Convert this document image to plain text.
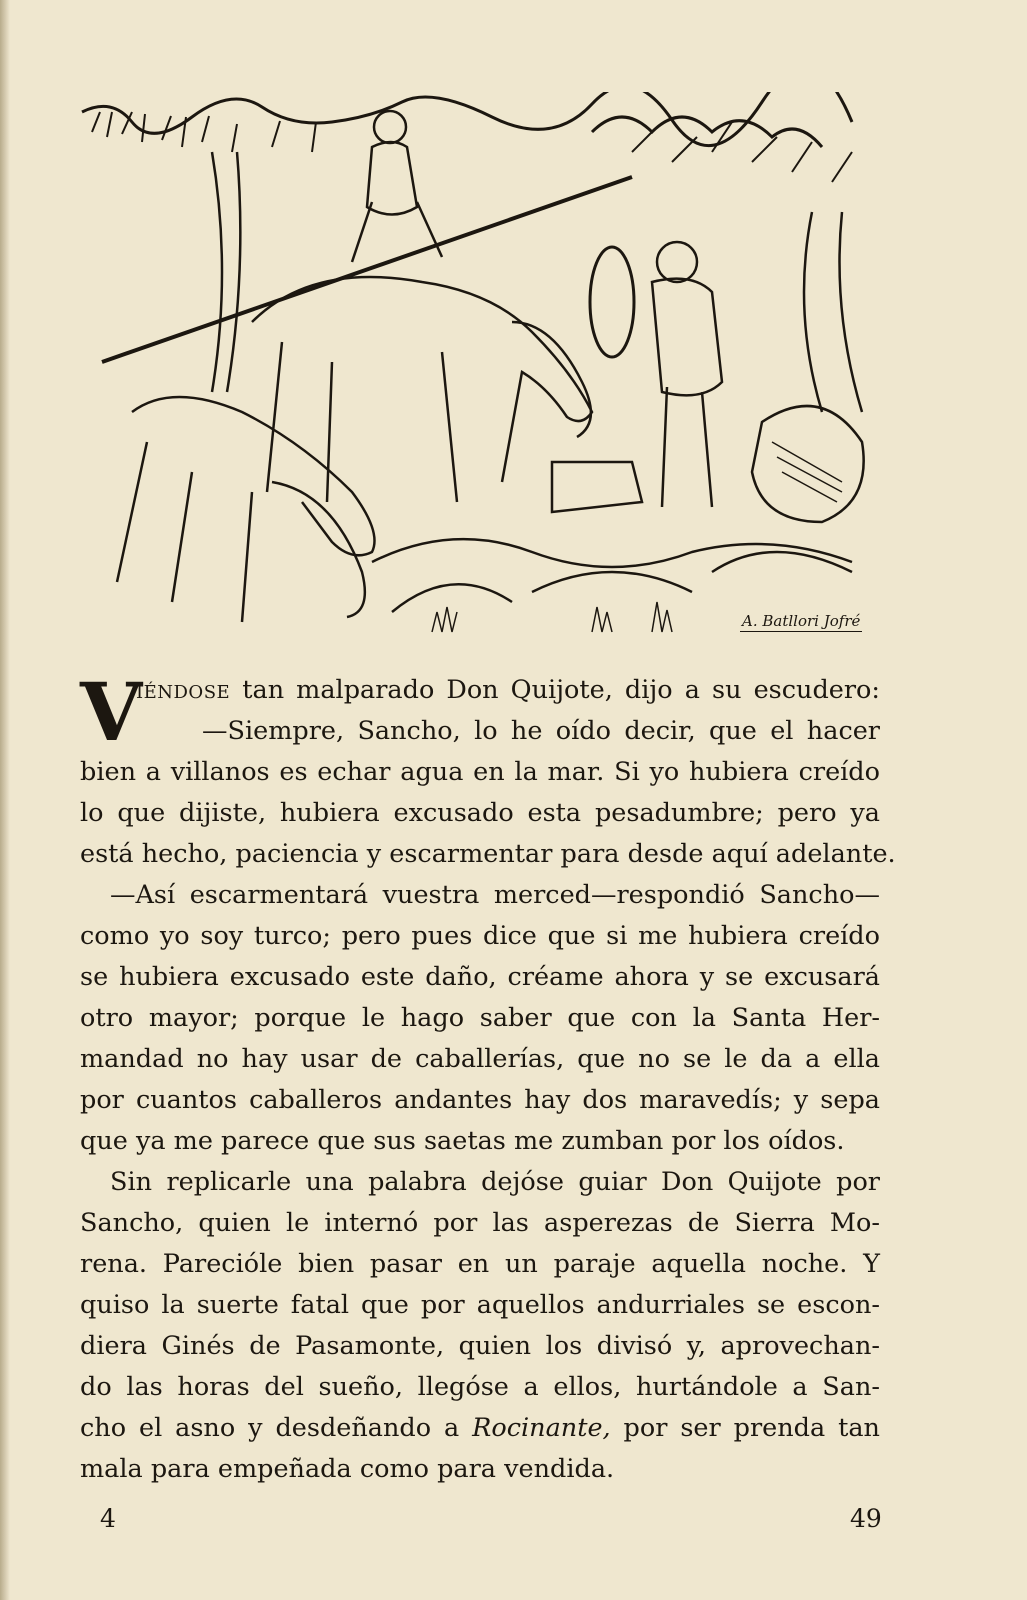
A. Batllori Jofré
V
iéndose tan malparado Don Quijote, dijo a su escudero:
—Siempre, Sancho, lo he oído decir, que el hacer
bien a villanos es echar agua en la mar. Si yo hubiera creído
lo que dijiste, hubiera excusado esta pesadumbre; pero ya
está hecho, paciencia y escarmentar para desde aquí adelante.
—Así escarmentará vuestra merced—respondió Sancho—
como yo soy turco; pero pues dice que si me hubiera creído
se hubiera excusado este daño, créame ahora y se excusará
otro mayor; porque le hago saber que con la Santa Her-
mandad no hay usar de caballerías, que no se le da a ella
por cuantos caballeros andantes hay dos maravedís; y sepa
que ya me parece que sus saetas me zumban por los oídos.
Sin replicarle una palabra dejóse guiar Don Quijote por
Sancho, quien le internó por las asperezas de Sierra Mo-
rena. Parecióle bien pasar en un paraje aquella noche. Y
quiso la suerte fatal que por aquellos andurriales se escon-
diera Ginés de Pasamonte, quien los divisó y, aprovechan-
do las horas del sueño, llegóse a ellos, hurtándole a San-
cho el asno y desdeñando a Rocinante, por ser prenda tan
mala para empeñada como para vendida.
4	49
